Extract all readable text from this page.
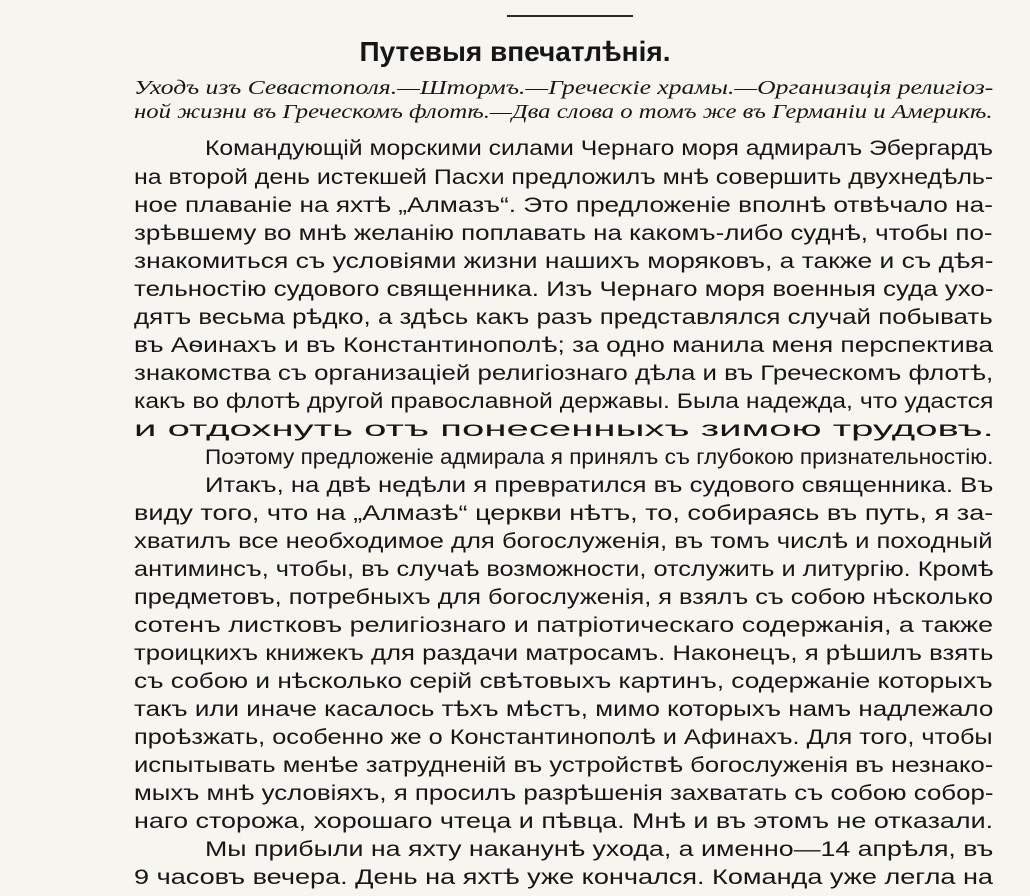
Путевыя впечатлѣнія.
Уходъ изъ Севастополя.—Штормъ.—Греческіе храмы.—Организація религіоз-
ной жизни въ Греческомъ флотѣ.—Два слова о томъ же въ Германіи и Америкѣ.
Командующій морскими силами Чернаго моря адмиралъ Эбергардъ
на второй день истекшей Пасхи предложилъ мнѣ совершить двухнедѣль-
ное плаваніе на яхтѣ „Алмазъ“. Это предложеніе вполнѣ отвѣчало на-
зрѣвшему во мнѣ желанію поплавать на какомъ-либо суднѣ, чтобы по-
знакомиться съ условіями жизни нашихъ моряковъ, а также и съ дѣя-
тельностію судового священника. Изъ Чернаго моря военныя суда ухо-
дятъ весьма рѣдко, а здѣсь какъ разъ представлялся случай побывать
въ Аѳинахъ и въ Константинополѣ; за одно манила меня перспектива
знакомства съ организаціей религіознаго дѣла и въ Греческомъ флотѣ,
какъ во флотѣ другой православной державы. Была надежда, что удастся
и отдохнуть отъ понесенныхъ зимою трудовъ.
Поэтому предложеніе адмирала я принялъ съ глубокою признательностію.
Итакъ, на двѣ недѣли я превратился въ судового священника. Въ
виду того, что на „Алмазѣ“ церкви нѣтъ, то, собираясь въ путь, я за-
хватилъ все необходимое для богослуженія, въ томъ числѣ и походный
антиминсъ, чтобы, въ случаѣ возможности, отслужить и литургію. Кромѣ
предметовъ, потребныхъ для богослуженія, я взялъ съ собою нѣсколько
сотенъ листковъ религіознаго и патріотическаго содержанія, а также
троицкихъ книжекъ для раздачи матросамъ. Наконецъ, я рѣшилъ взять
съ собою и нѣсколько серій свѣтовыхъ картинъ, содержаніе которыхъ
такъ или иначе касалось тѣхъ мѣстъ, мимо которыхъ намъ надлежало
проѣзжать, особенно же о Константинополѣ и Афинахъ. Для того, чтобы
испытывать менѣе затрудненій въ устройствѣ богослуженія въ незнако-
мыхъ мнѣ условіяхъ, я просилъ разрѣшенія захватать съ собою собор-
наго сторожа, хорошаго чтеца и пѣвца. Мнѣ и въ этомъ не отказали.
Мы прибыли на яхту наканунѣ ухода, а именно—14 апрѣля, въ
9 часовъ вечера. День на яхтѣ уже кончался. Команда уже легла на
